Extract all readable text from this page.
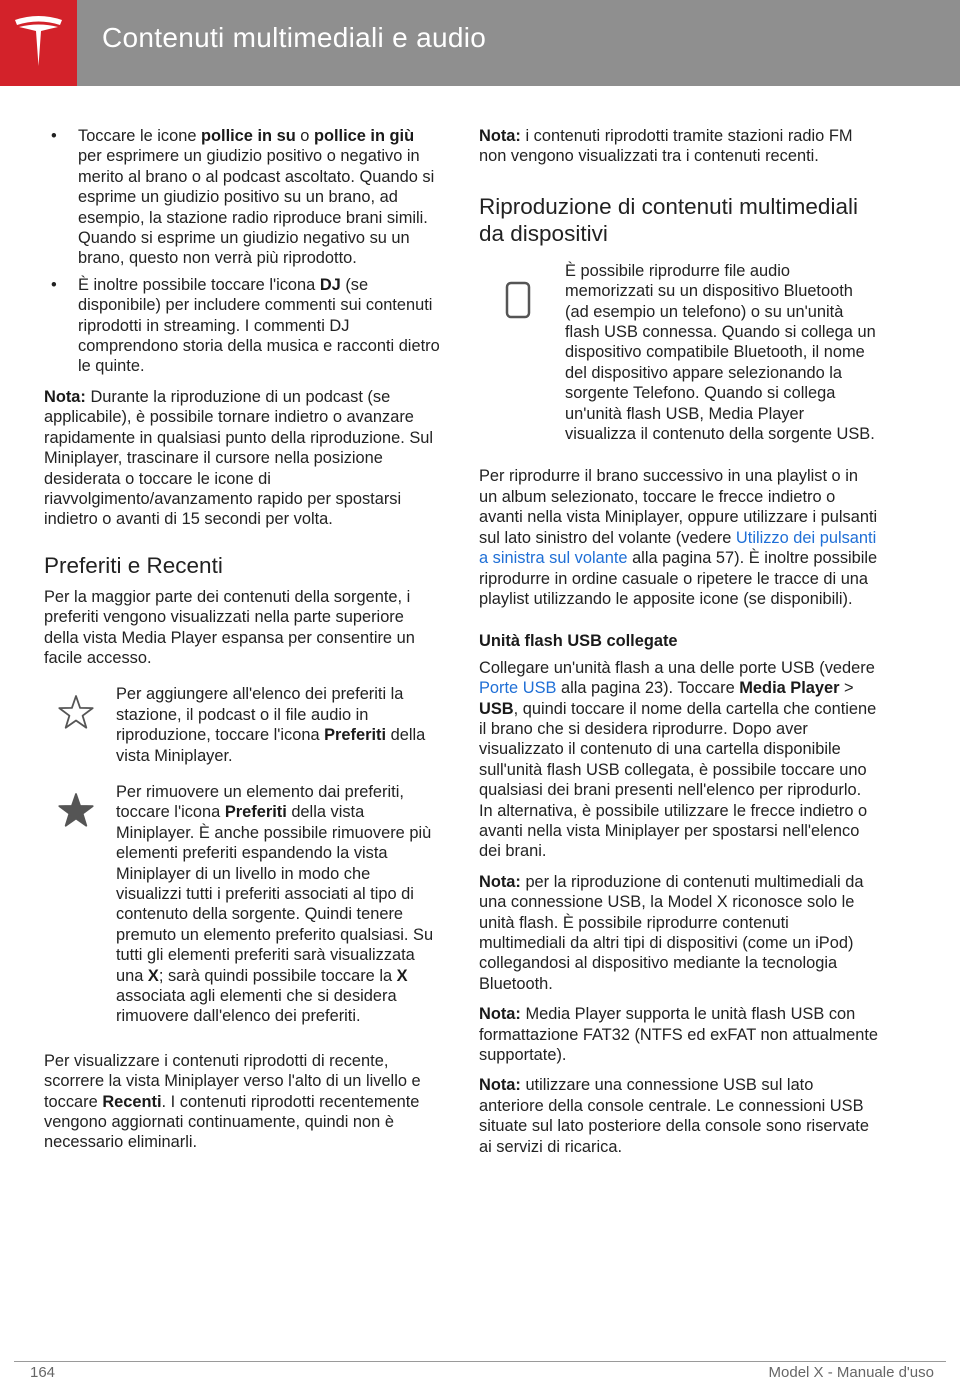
Contenuti multimediali e audio
• Toccare le icone pollice in su o pollice in giù per esprimere un giudizio positivo o negativo in merito al brano o al podcast ascoltato. Quando si esprime un giudizio positivo su un brano, ad esempio, la stazione radio riproduce brani simili. Quando si esprime un giudizio negativo su un brano, questo non verrà più riprodotto.
• È inoltre possibile toccare l'icona DJ (se disponibile) per includere commenti sui contenuti riprodotti in streaming. I commenti DJ comprendono storia della musica e racconti dietro le quinte.

Nota: Durante la riproduzione di un podcast (se applicabile), è possibile tornare indietro o avanzare rapidamente in qualsiasi punto della riproduzione. Sul Miniplayer, trascinare il cursore nella posizione desiderata o toccare le icone di riavvolgimento/avanzamento rapido per spostarsi indietro o avanti di 15 secondi per volta.

Preferiti e Recenti

Per la maggior parte dei contenuti della sorgente, i preferiti vengono visualizzati nella parte superiore della vista Media Player espansa per consentire un facile accesso.

Per aggiungere all'elenco dei preferiti la stazione, il podcast o il file audio in riproduzione, toccare l'icona Preferiti della vista Miniplayer.
Per rimuovere un elemento dai preferiti, toccare l'icona Preferiti della vista Miniplayer. È anche possibile rimuovere più elementi preferiti espandendo la vista Miniplayer di un livello in modo che visualizzi tutti i preferiti associati al tipo di contenuto della sorgente. Quindi tenere premuto un elemento preferito qualsiasi. Su tutti gli elementi preferiti sarà visualizzata una X; sarà quindi possibile toccare la X associata agli elementi che si desidera rimuovere dall'elenco dei preferiti.

Per visualizzare i contenuti riprodotti di recente, scorrere la vista Miniplayer verso l'alto di un livello e toccare Recenti. I contenuti riprodotti recentemente vengono aggiornati continuamente, quindi non è necessario eliminarli.

Nota: i contenuti riprodotti tramite stazioni radio FM non vengono visualizzati tra i contenuti recenti.

Riproduzione di contenuti multimediali da dispositivi
È possibile riprodurre file audio memorizzati su un dispositivo Bluetooth (ad esempio un telefono) o su un'unità flash USB connessa. Quando si collega un dispositivo compatibile Bluetooth, il nome del dispositivo appare selezionando la sorgente Telefono. Quando si collega un'unità flash USB, Media Player visualizza il contenuto della sorgente USB.

Per riprodurre il brano successivo in una playlist o in un album selezionato, toccare le frecce indietro o avanti nella vista Miniplayer, oppure utilizzare i pulsanti sul lato sinistro del volante (vedere Utilizzo dei pulsanti a sinistra sul volante alla pagina 57). È inoltre possibile riprodurre in ordine casuale o ripetere le tracce di una playlist utilizzando le apposite icone (se disponibili).

Unità flash USB collegate

Collegare un'unità flash a una delle porte USB (vedere Porte USB alla pagina 23). Toccare Media Player > USB, quindi toccare il nome della cartella che contiene il brano che si desidera riprodurre. Dopo aver visualizzato il contenuto di una cartella disponibile sull'unità flash USB collegata, è possibile toccare uno qualsiasi dei brani presenti nell'elenco per riprodurlo. In alternativa, è possibile utilizzare le frecce indietro o avanti nella vista Miniplayer per spostarsi nell'elenco dei brani.

Nota: per la riproduzione di contenuti multimediali da una connessione USB, la Model X riconosce solo le unità flash. È possibile riprodurre contenuti multimediali da altri tipi di dispositivi (come un iPod) collegandosi al dispositivo mediante la tecnologia Bluetooth.

Nota: Media Player supporta le unità flash USB con formattazione FAT32 (NTFS ed exFAT non attualmente supportate).

Nota: utilizzare una connessione USB sul lato anteriore della console centrale. Le connessioni USB situate sul lato posteriore della console sono riservate ai servizi di ricarica.

164	Model X - Manuale d'uso
